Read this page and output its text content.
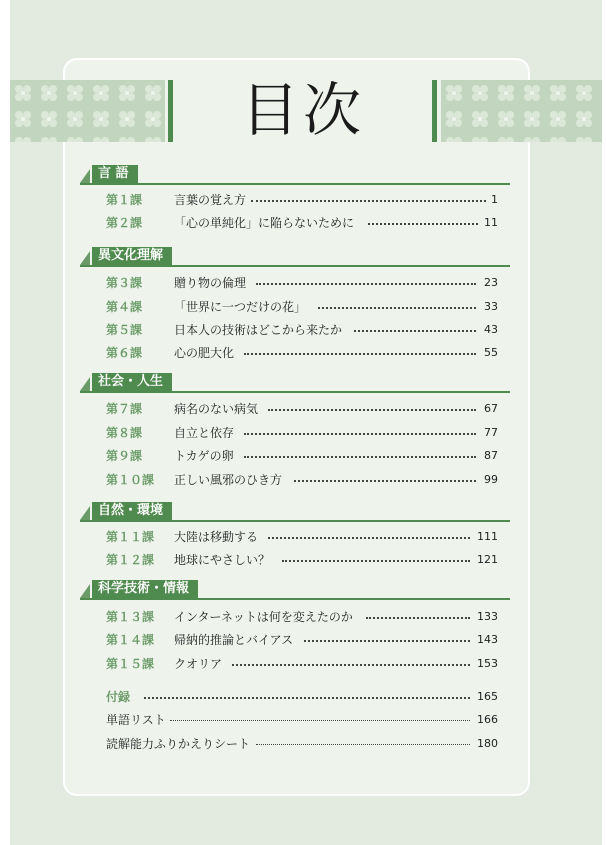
目次
言 語
第１課	言葉の覚え方	1
第２課	「心の単純化」に陥らないために	11
異文化理解
第３課	贈り物の倫理	23
第４課	「世界に一つだけの花」	33
第５課	日本人の技術はどこから来たか	43
第６課	心の肥大化	55
社会・人生
第７課	病名のない病気	67
第８課	自立と依存	77
第９課	トカゲの卵	87
第１０課 正しい風邪のひき方	99
自然・環境
第１１課 大陸は移動する	111
第１２課 地球にやさしい？	121
科学技術・情報
第１３課 インターネットは何を変えたのか	133
第１４課 帰納的推論とバイアス	143
第１５課 クオリア	153
付録	165
単語リスト	166
読解能力ふりかえりシート	180
